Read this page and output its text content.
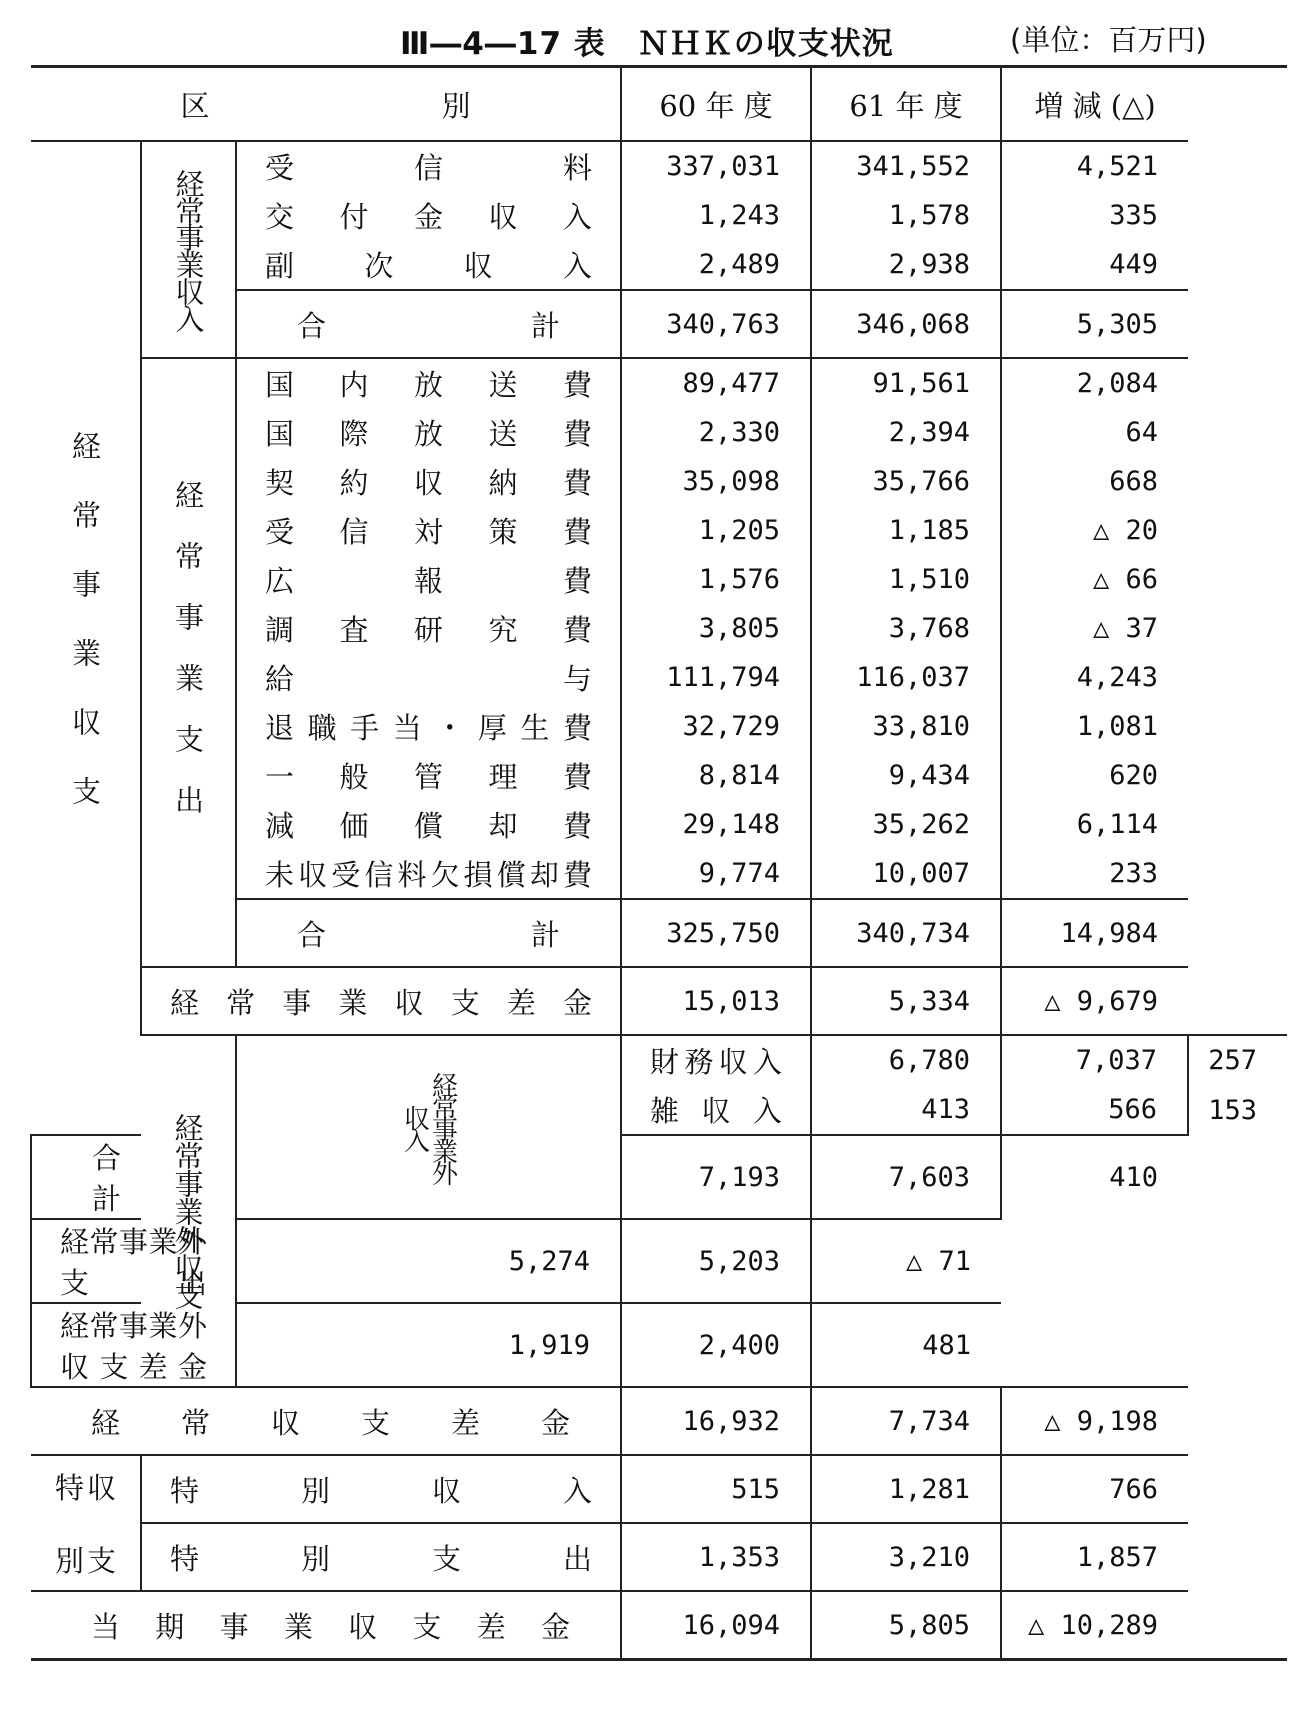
Ⅲ―4―17 表　ＮＨＫの収支状況	(単位：百万円)
区　　　　　　　　別			60 年 度	61 年 度	増 減 (△)	

経常事業収支	経常事業収入	受信料	337,031	341,552	4,521	
		交付金収入	1,243	1,578	335	
		副次収入	2,489	2,938	449	
		合計	340,763	346,068	5,305	

	経常事業支出	国内放送費	89,477	91,561	2,084	
		国際放送費	2,330	2,394	64	
		契約収納費	35,098	35,766	668	
		受信対策費	1,205	1,185	△ 20	
		広報費	1,576	1,510	△ 66	
		調査研究費	3,805	3,768	△ 37	
		給与	111,794	116,037	4,243	
		退職手当・厚生費	32,729	33,810	1,081	
		一般管理費	8,814	9,434	620	
		減価償却費	29,148	35,262	6,114	
		未収受信料欠損償却費	9,774	10,007	233	
		合計	325,750	340,734	14,984	
	経常事業収支差金		15,013	5,334	△ 9,679	

	経常事業外収支	経常事業外収入	財務収入	6,780	7,037	257
			雑収入	413	566	153
合計			7,193	7,603	410	
経常事業外支出		5,274	5,203	△ 71		
経常事業外収支差金		1,919	2,400	481		
経常収支差金			16,932	7,734	△ 9,198	

特 収
別 支	特別収入		515	1,281	766	
	特別支出		1,353	3,210	1,857	
当期事業収支差金			16,094	5,805	△ 10,289	
